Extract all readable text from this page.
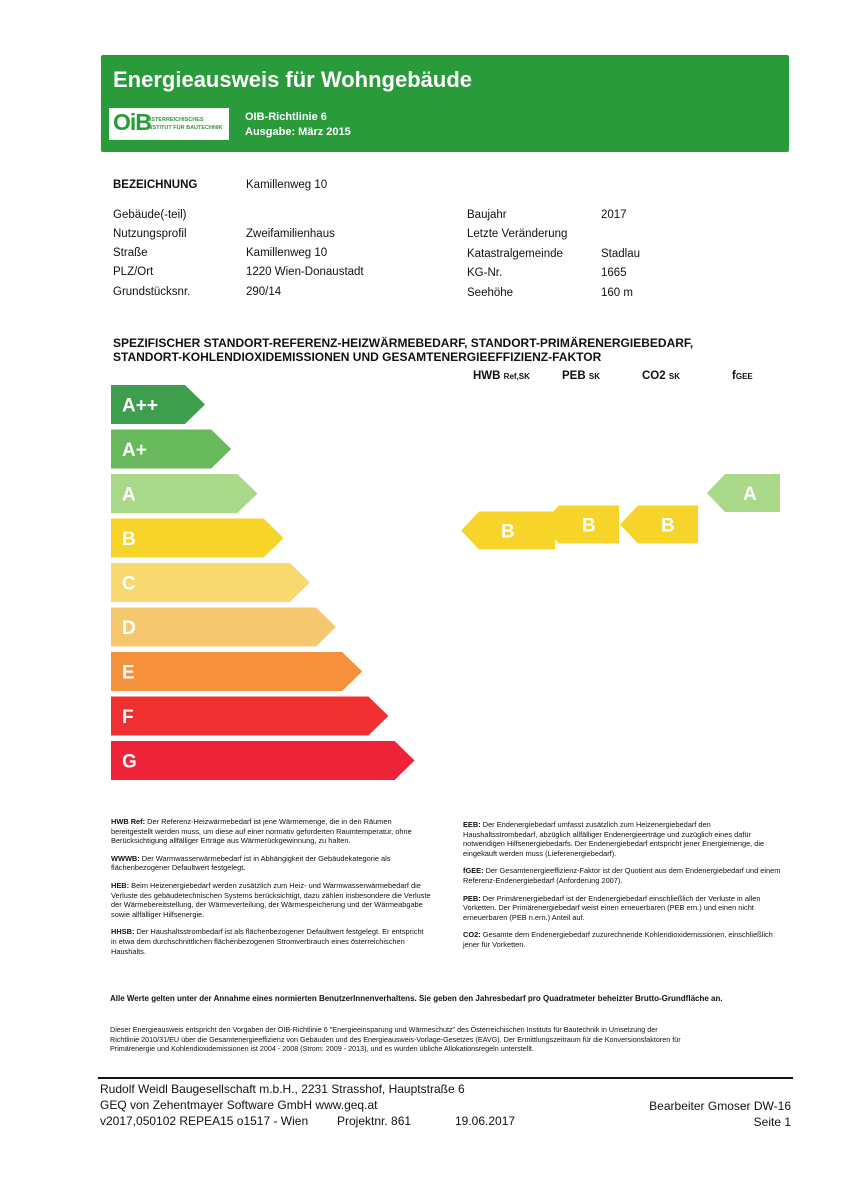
Energieausweis für Wohngebäude
OiB
ÖSTERREICHISCHES
INSTITUT FÜR BAUTECHNIK
OIB-Richtlinie 6
Ausgabe: März 2015
BEZEICHNUNG	Kamillenweg 10
Gebäude(-teil)
Nutzungsprofil	Zweifamilienhaus
Straße	Kamillenweg 10
PLZ/Ort	1220 Wien-Donaustadt
Grundstücksnr.	290/14
Baujahr	2017
Letzte Veränderung
Katastralgemeinde	Stadlau
KG-Nr.	1665
Seehöhe	160 m
SPEZIFISCHER STANDORT-REFERENZ-HEIZWÄRMEBEDARF, STANDORT-PRIMÄRENERGIEBEDARF,
STANDORT-KOHLENDIOXIDEMISSIONEN UND GESAMTENERGIEEFFIZIENZ-FAKTOR
HWB Ref,SK	PEB SK	CO2 SK	fGEE
A++
A+
A
B
C
D
E
F
G
B	B	B
A

HWB Ref: Der Referenz-Heizwärmebedarf ist jene Wärmemenge, die in den Räumen bereitgestellt werden muss, um diese auf einer normativ geforderten Raumtemperatur, ohne Berücksichtigung allfälliger Erträge aus Wärmerückgewinnung, zu halten.

WWWB: Der Warmwasserwärmebedarf ist in Abhängigkeit der Gebäudekategorie als flächenbezogener Defaultwert festgelegt.

HEB: Beim Heizenergiebedarf werden zusätzlich zum Heiz- und Warmwasserwärmebedarf die Verluste des gebäudetechnischen Systems berücksichtigt, dazu zählen insbesondere die Verluste der Wärmebereitstellung, der Wärmeverteilung, der Wärmespeicherung und der Wärmeabgabe sowie allfälliger Hilfsenergie.

HHSB: Der Haushaltsstrombedarf ist als flächenbezogener Defaultwert festgelegt. Er entspricht in etwa dem durchschnittlichen flächenbezogenen Stromverbrauch eines österreichischen Haushalts.

EEB: Der Endenergiebedarf umfasst zusätzlich zum Heizenergiebedarf den Haushaltsstrombedarf, abzüglich allfälliger Endenergieerträge und zuzüglich eines dafür notwendigen Hilfsenergiebedarfs. Der Endenergiebedarf entspricht jener Energiemenge, die eingekauft werden muss (Lieferenergiebedarf).

fGEE: Der Gesamtenergieeffizienz-Faktor ist der Quotient aus dem Endenergiebedarf und einem Referenz-Endenergiebedarf (Anforderung 2007).

PEB: Der Primärenergiebedarf ist der Endenergiebedarf einschließlich der Verluste in allen Vorketten. Der Primärenergiebedarf weist einen erneuerbaren (PEB ern.) und einen nicht erneuerbaren (PEB n.ern.) Anteil auf.

CO2: Gesamte dem Endenergiebedarf zuzurechnende Kohlendioxidemissionen, einschließlich jener für Vorketten.

Alle Werte gelten unter der Annahme eines normierten BenutzerInnenverhaltens. Sie geben den Jahresbedarf pro Quadratmeter beheizter Brutto-Grundfläche an.
Dieser Energieausweis entspricht den Vorgaben der OIB-Richtlinie 6 "Energieeinsparung und Wärmeschutz" des Österreichischen Instituts für Bautechnik in Umsetzung der
Richtlinie 2010/31/EU über die Gesamtenergieeffizienz von Gebäuden und des Energieausweis-Vorlage-Gesetzes (EAVG). Der Ermittlungszeitraum für die Konversionsfaktoren für
Primärenergie und Kohlendioxidemissionen ist 2004 - 2008 (Strom: 2009 - 2013), und es wurden übliche Allokationsregeln unterstellt.
Rudolf Weidl Baugesellschaft m.b.H., 2231 Strasshof, Hauptstraße 6
GEQ von Zehentmayer Software GmbH www.geq.at
v2017,050102 REPEA15 o1517 - Wien Projektnr. 861	19.06.2017
Bearbeiter Gmoser DW-16
Seite 1
